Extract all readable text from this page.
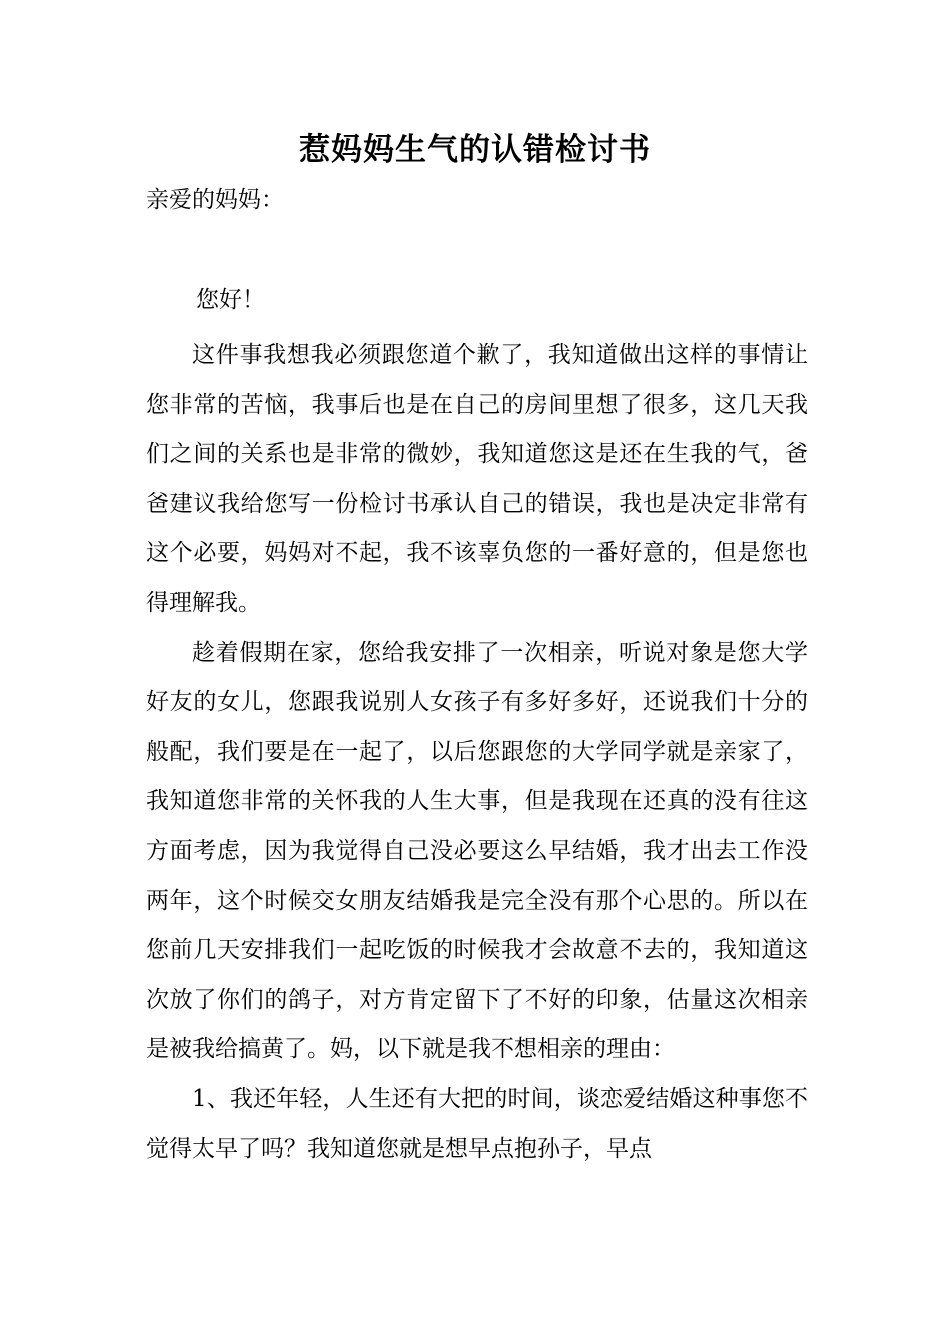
惹妈妈生气的认错检讨书
亲爱的妈妈：
您好！

这件事我想我必须跟您道个歉了，我知道做出这样的事情让您非常的苦恼，我事后也是在自己的房间里想了很多，这几天我们之间的关系也是非常的微妙，我知道您这是还在生我的气，爸爸建议我给您写一份检讨书承认自己的错误，我也是决定非常有这个必要，妈妈对不起，我不该辜负您的一番好意的，但是您也得理解我。

趁着假期在家，您给我安排了一次相亲，听说对象是您大学好友的女儿，您跟我说别人女孩子有多好多好，还说我们十分的般配，我们要是在一起了，以后您跟您的大学同学就是亲家了，我知道您非常的关怀我的人生大事，但是我现在还真的没有往这方面考虑，因为我觉得自己没必要这么早结婚，我才出去工作没两年，这个时候交女朋友结婚我是完全没有那个心思的。所以在您前几天安排我们一起吃饭的时候我才会故意不去的，我知道这次放了你们的鸽子，对方肯定留下了不好的印象，估量这次相亲是被我给搞黄了。妈，以下就是我不想相亲的理由：

1、我还年轻，人生还有大把的时间，谈恋爱结婚这种事您不觉得太早了吗？我知道您就是想早点抱孙子，早点
